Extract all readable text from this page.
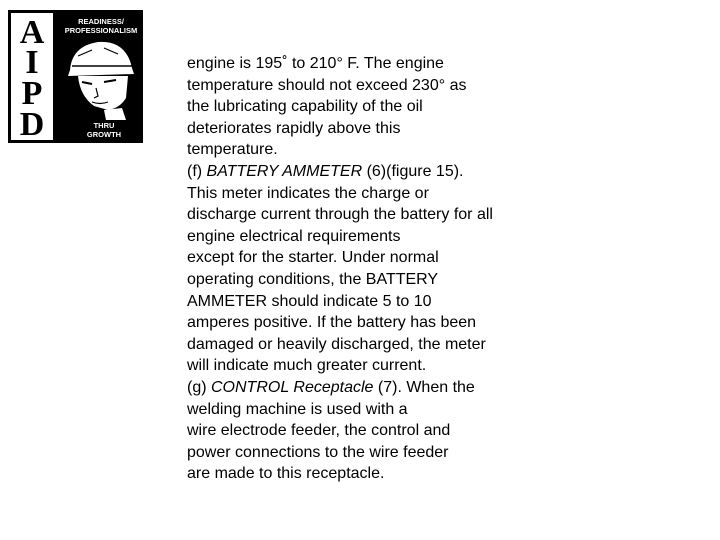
A
I
P
D
READINESS/
PROFESSIONALISM
THRU
GROWTH
engine is 195˚ to 210° F. The engine
temperature should not exceed 230° as
the lubricating capability of the oil
deteriorates rapidly above this
temperature.
(f) BATTERY AMMETER (6)(figure 15).
This meter indicates the charge or
discharge current through the battery for all
engine electrical requirements
except for the starter. Under normal
operating conditions, the BATTERY
AMMETER should indicate 5 to 10
amperes positive. If the battery has been
damaged or heavily discharged, the meter
will indicate much greater current.
(g) CONTROL Receptacle (7). When the
welding machine is used with a
wire electrode feeder, the control and
power connections to the wire feeder
are made to this receptacle.
